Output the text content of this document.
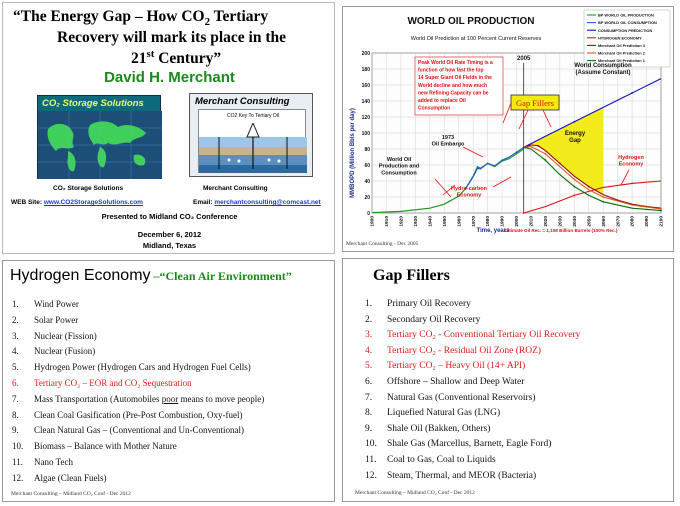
“The Energy Gap – How $CO_2$ Tertiary
Recovery will mark its place in the
21st Century”
David H. Merchant
CO₂ Storage Solutions	Merchant Consulting
CO2 Key To Tertiary Oil
CO₂ Storage Solutions	Merchant Consulting
WEB Site: www.CO2StorageSolutions.com	Email: merchantconsulting@comcast.net
Presented to Midland CO₂ Conference
December 6, 2012
Midland, Texas
WORLD OIL PRODUCTION
World Oil Prediction at 100 Percent Current Reserves
0
20
40
60
80
100
120
140
160
180
200
1900 1910 1920 1930 1940 1950 1960 1970 1980 1990 2000 2010 2020 2030 2040 2050 2060 2070 2080 2090 2100
MMBOPD (Million Bbls per day)
Time, years
Ultimate Oil Rec. = 1,108 Billion Barrels (100% Rec.)
BP WORLD OIL PRODUCTION
BP WORLD OIL CONSUMPTION
CONSUMPTION PREDICTION
HYDROGEN ECONOMY
Merchant Oil Prediction 3
Merchant Oil Prediction 2
Merchant Oil Prediction 1
Peak World Oil Rate Timing is a
function of how fast the top
14 Super Giant Oil Fields in the
World decline and how much
new Refining Capacity can be
added to replace Oil
Consumption
Gap Fillers
2005
World Consumption
(Assume Constant)
1973
Oil Embargo
World Oil
Production and
Consumption
Hydro-carbon
Economy
Energy
Gap
Hydrogen
Economy
Merchant Consulting - Dec 2005
Hydrogen Economy –“Clean Air Environment”
1. Wind Power
2. Solar Power
3. Nuclear (Fission)
4. Nuclear (Fusion)
5. Hydrogen Power (Hydrogen Cars and Hydrogen Fuel Cells)
6. Tertiary CO₂ – EOR and CO₂ Sequestration
7. Mass Transportation (Automobiles poor means to move people)
8. Clean Coal Gasification (Pre-Post Combustion, Oxy-fuel)
9. Clean Natural Gas – (Conventional and Un-Conventional)
10. Biomass – Balance with Mother Nature
11. Nano Tech
12. Algae (Clean Fuels)
Merchant Consulting – Midland CO₂ Conf - Dec 2012
Gap Fillers
1. Primary Oil Recovery
2. Secondary Oil Recovery
3. Tertiary CO₂ - Conventional Tertiary Oil Recovery
4. Tertiary CO₂ - Residual Oil Zone (ROZ)
5. Tertiary CO₂ – Heavy Oil (14+ API)
6. Offshore – Shallow and Deep Water
7. Natural Gas (Conventional Reservoirs)
8. Liquefied Natural Gas (LNG)
9. Shale Oil (Bakken, Others)
10. Shale Gas (Marcellus, Barnett, Eagle Ford)
11. Coal to Gas, Coal to Liquids
12. Steam, Thermal, and MEOR (Bacteria)
Merchant Consulting – Midland CO₂ Conf - Dec 2012
